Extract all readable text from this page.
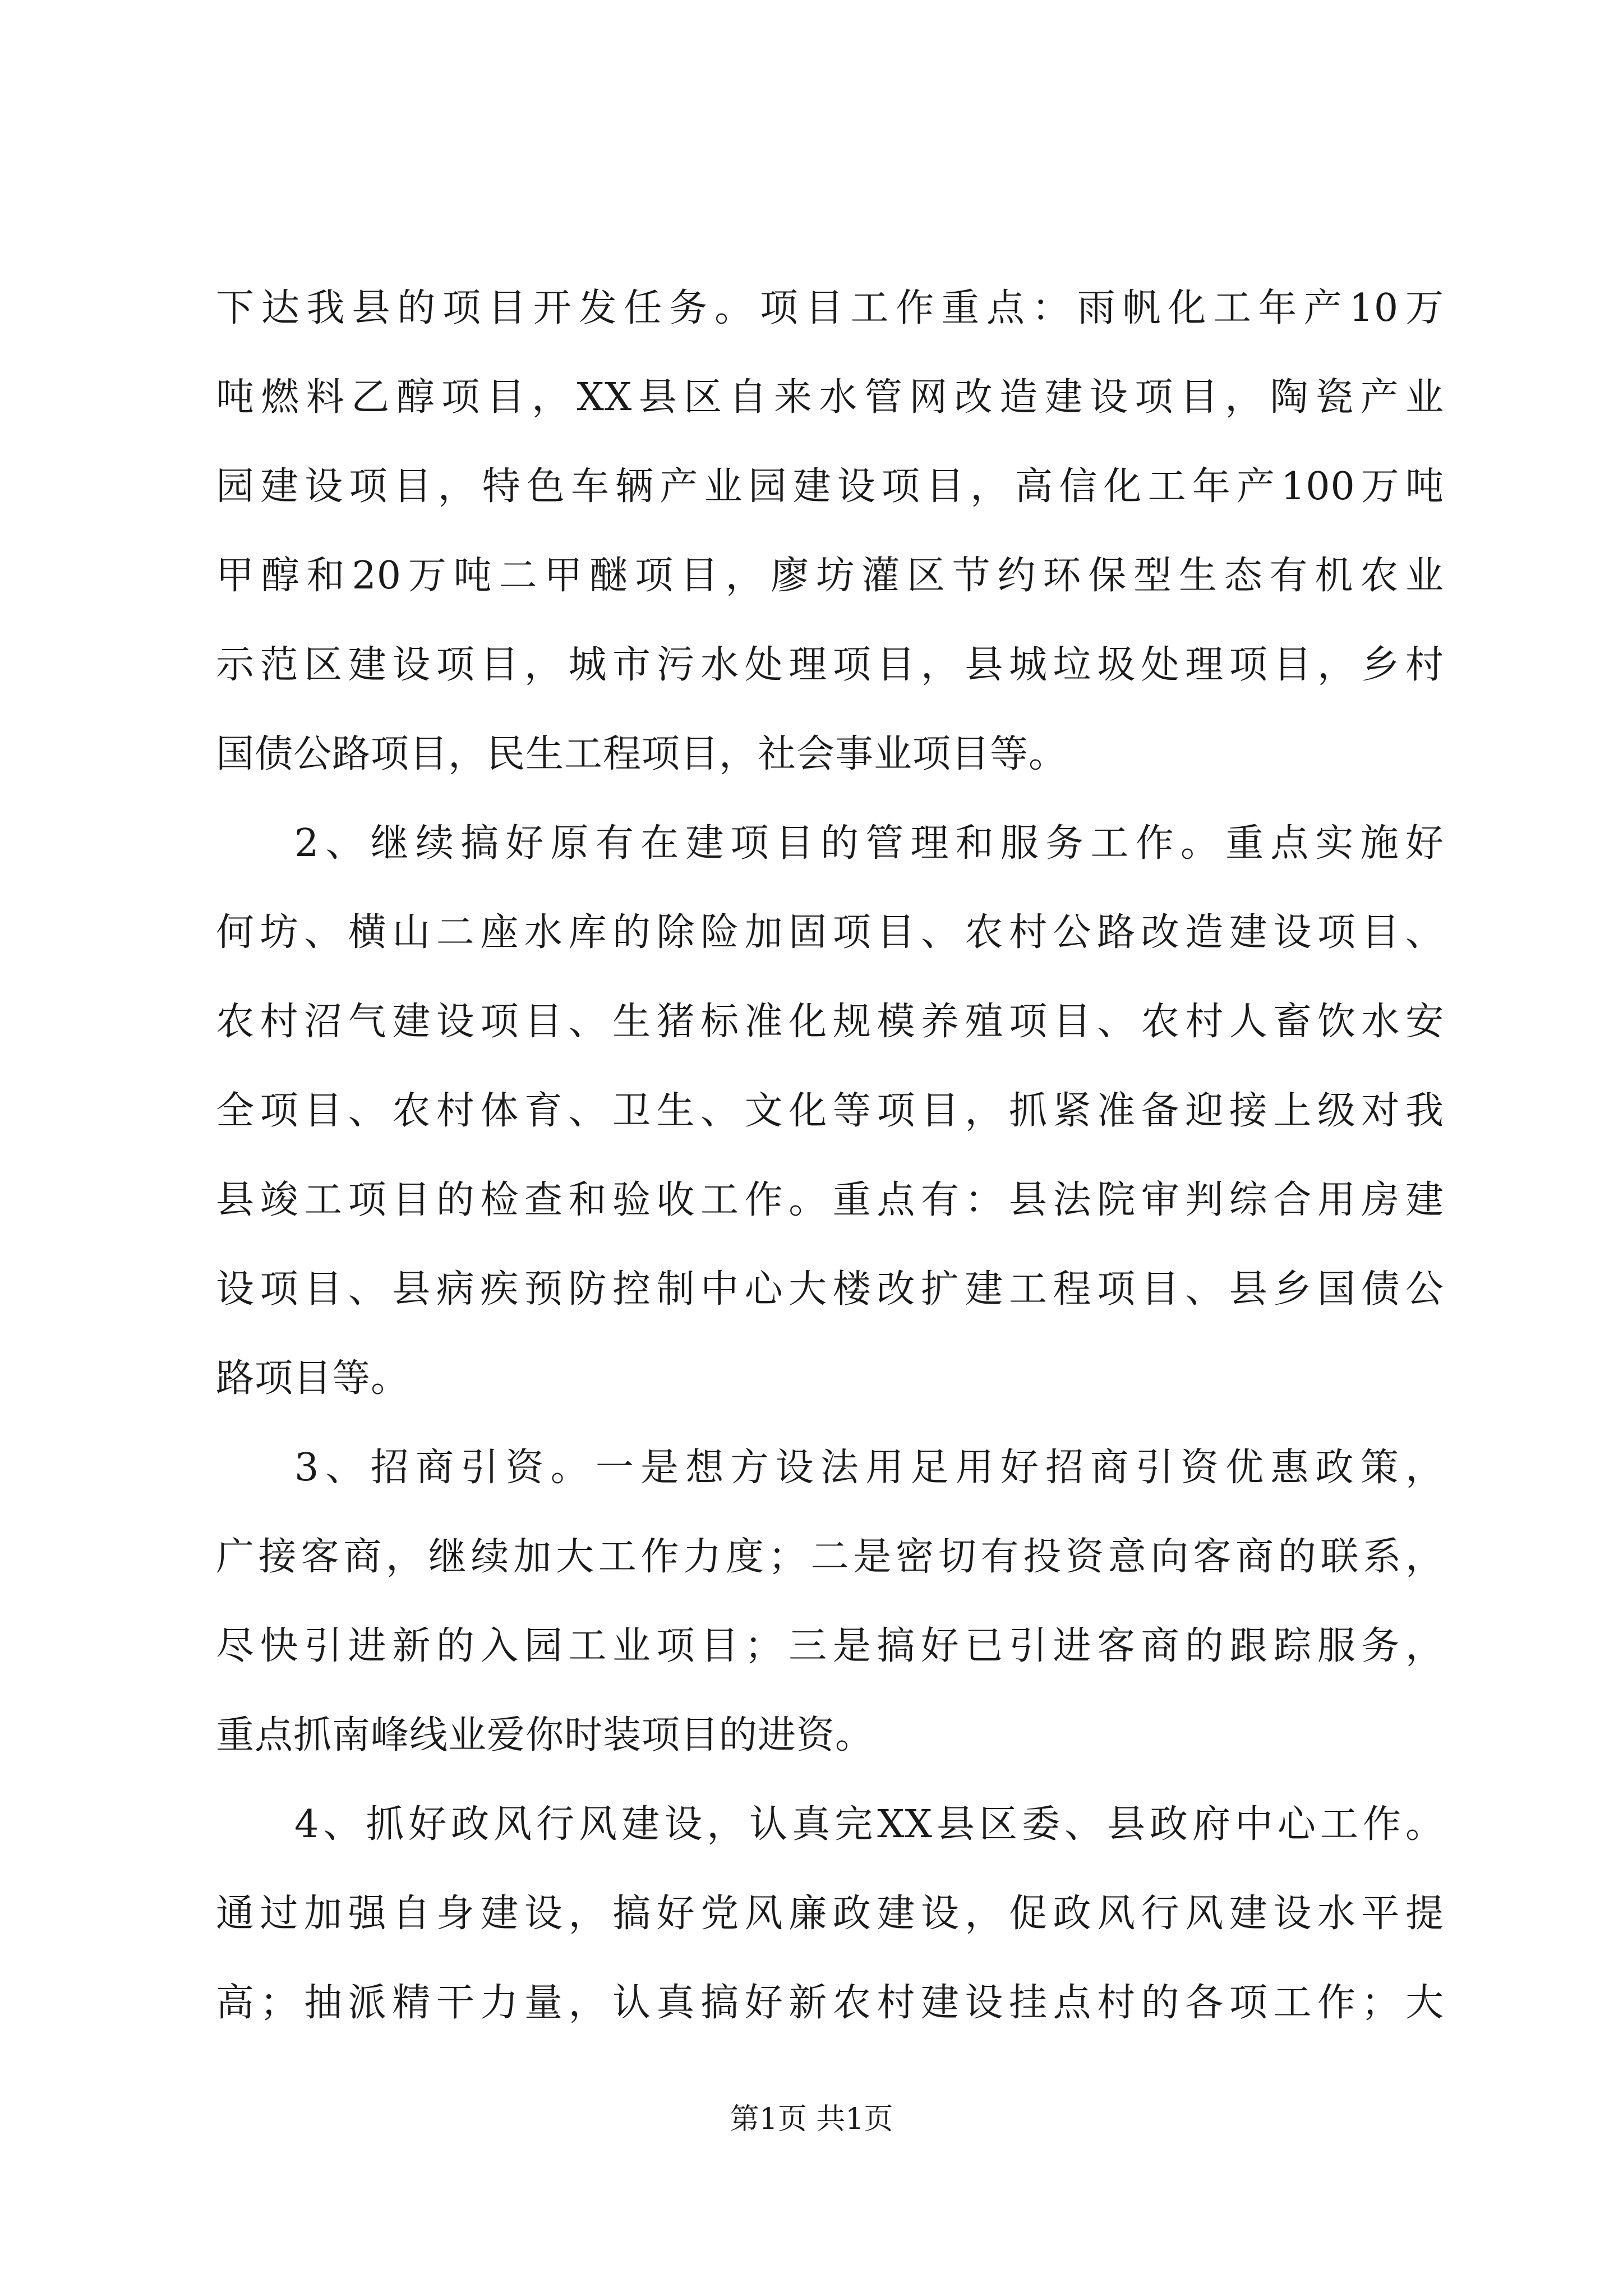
下达我县的项目开发任务。项目工作重点：雨帆化工年产10万
吨燃料乙醇项目，XX县区自来水管网改造建设项目，陶瓷产业
园建设项目，特色车辆产业园建设项目，高信化工年产100万吨
甲醇和20万吨二甲醚项目，廖坊灌区节约环保型生态有机农业
示范区建设项目，城市污水处理项目，县城垃圾处理项目，乡村
国债公路项目，民生工程项目，社会事业项目等。
2、继续搞好原有在建项目的管理和服务工作。重点实施好
何坊、横山二座水库的除险加固项目、农村公路改造建设项目、
农村沼气建设项目、生猪标准化规模养殖项目、农村人畜饮水安
全项目、农村体育、卫生、文化等项目，抓紧准备迎接上级对我
县竣工项目的检查和验收工作。重点有：县法院审判综合用房建
设项目、县病疾预防控制中心大楼改扩建工程项目、县乡国债公
路项目等。
3、招商引资。一是想方设法用足用好招商引资优惠政策，
广接客商，继续加大工作力度；二是密切有投资意向客商的联系，
尽快引进新的入园工业项目；三是搞好已引进客商的跟踪服务，
重点抓南峰线业爱你时装项目的进资。
4、抓好政风行风建设，认真完XX县区委、县政府中心工作。
通过加强自身建设，搞好党风廉政建设，促政风行风建设水平提
高；抽派精干力量，认真搞好新农村建设挂点村的各项工作；大
第1页 共1页
